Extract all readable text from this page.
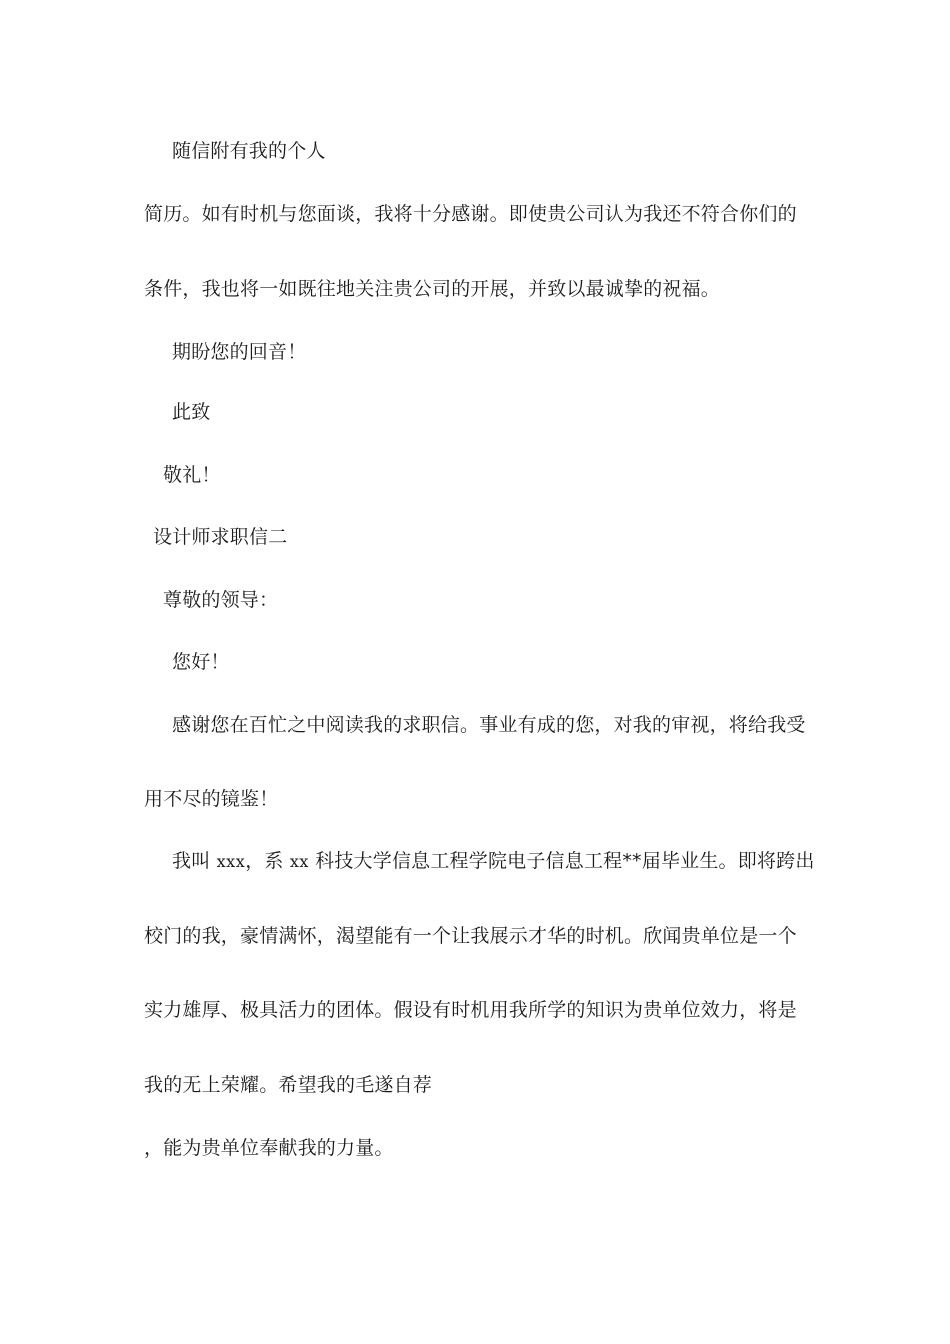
随信附有我的个人
简历。如有时机与您面谈，我将十分感谢。即使贵公司认为我还不符合你们的
条件，我也将一如既往地关注贵公司的开展，并致以最诚挚的祝福。
期盼您的回音！
此致
敬礼！
设计师求职信二
尊敬的领导：
您好！
感谢您在百忙之中阅读我的求职信。事业有成的您，对我的审视，将给我受
用不尽的镜鉴！
我叫 xxx，系 xx 科技大学信息工程学院电子信息工程**届毕业生。即将跨出
校门的我，豪情满怀，渴望能有一个让我展示才华的时机。欣闻贵单位是一个
实力雄厚、极具活力的团体。假设有时机用我所学的知识为贵单位效力，将是
我的无上荣耀。希望我的毛遂自荐
，能为贵单位奉献我的力量。
